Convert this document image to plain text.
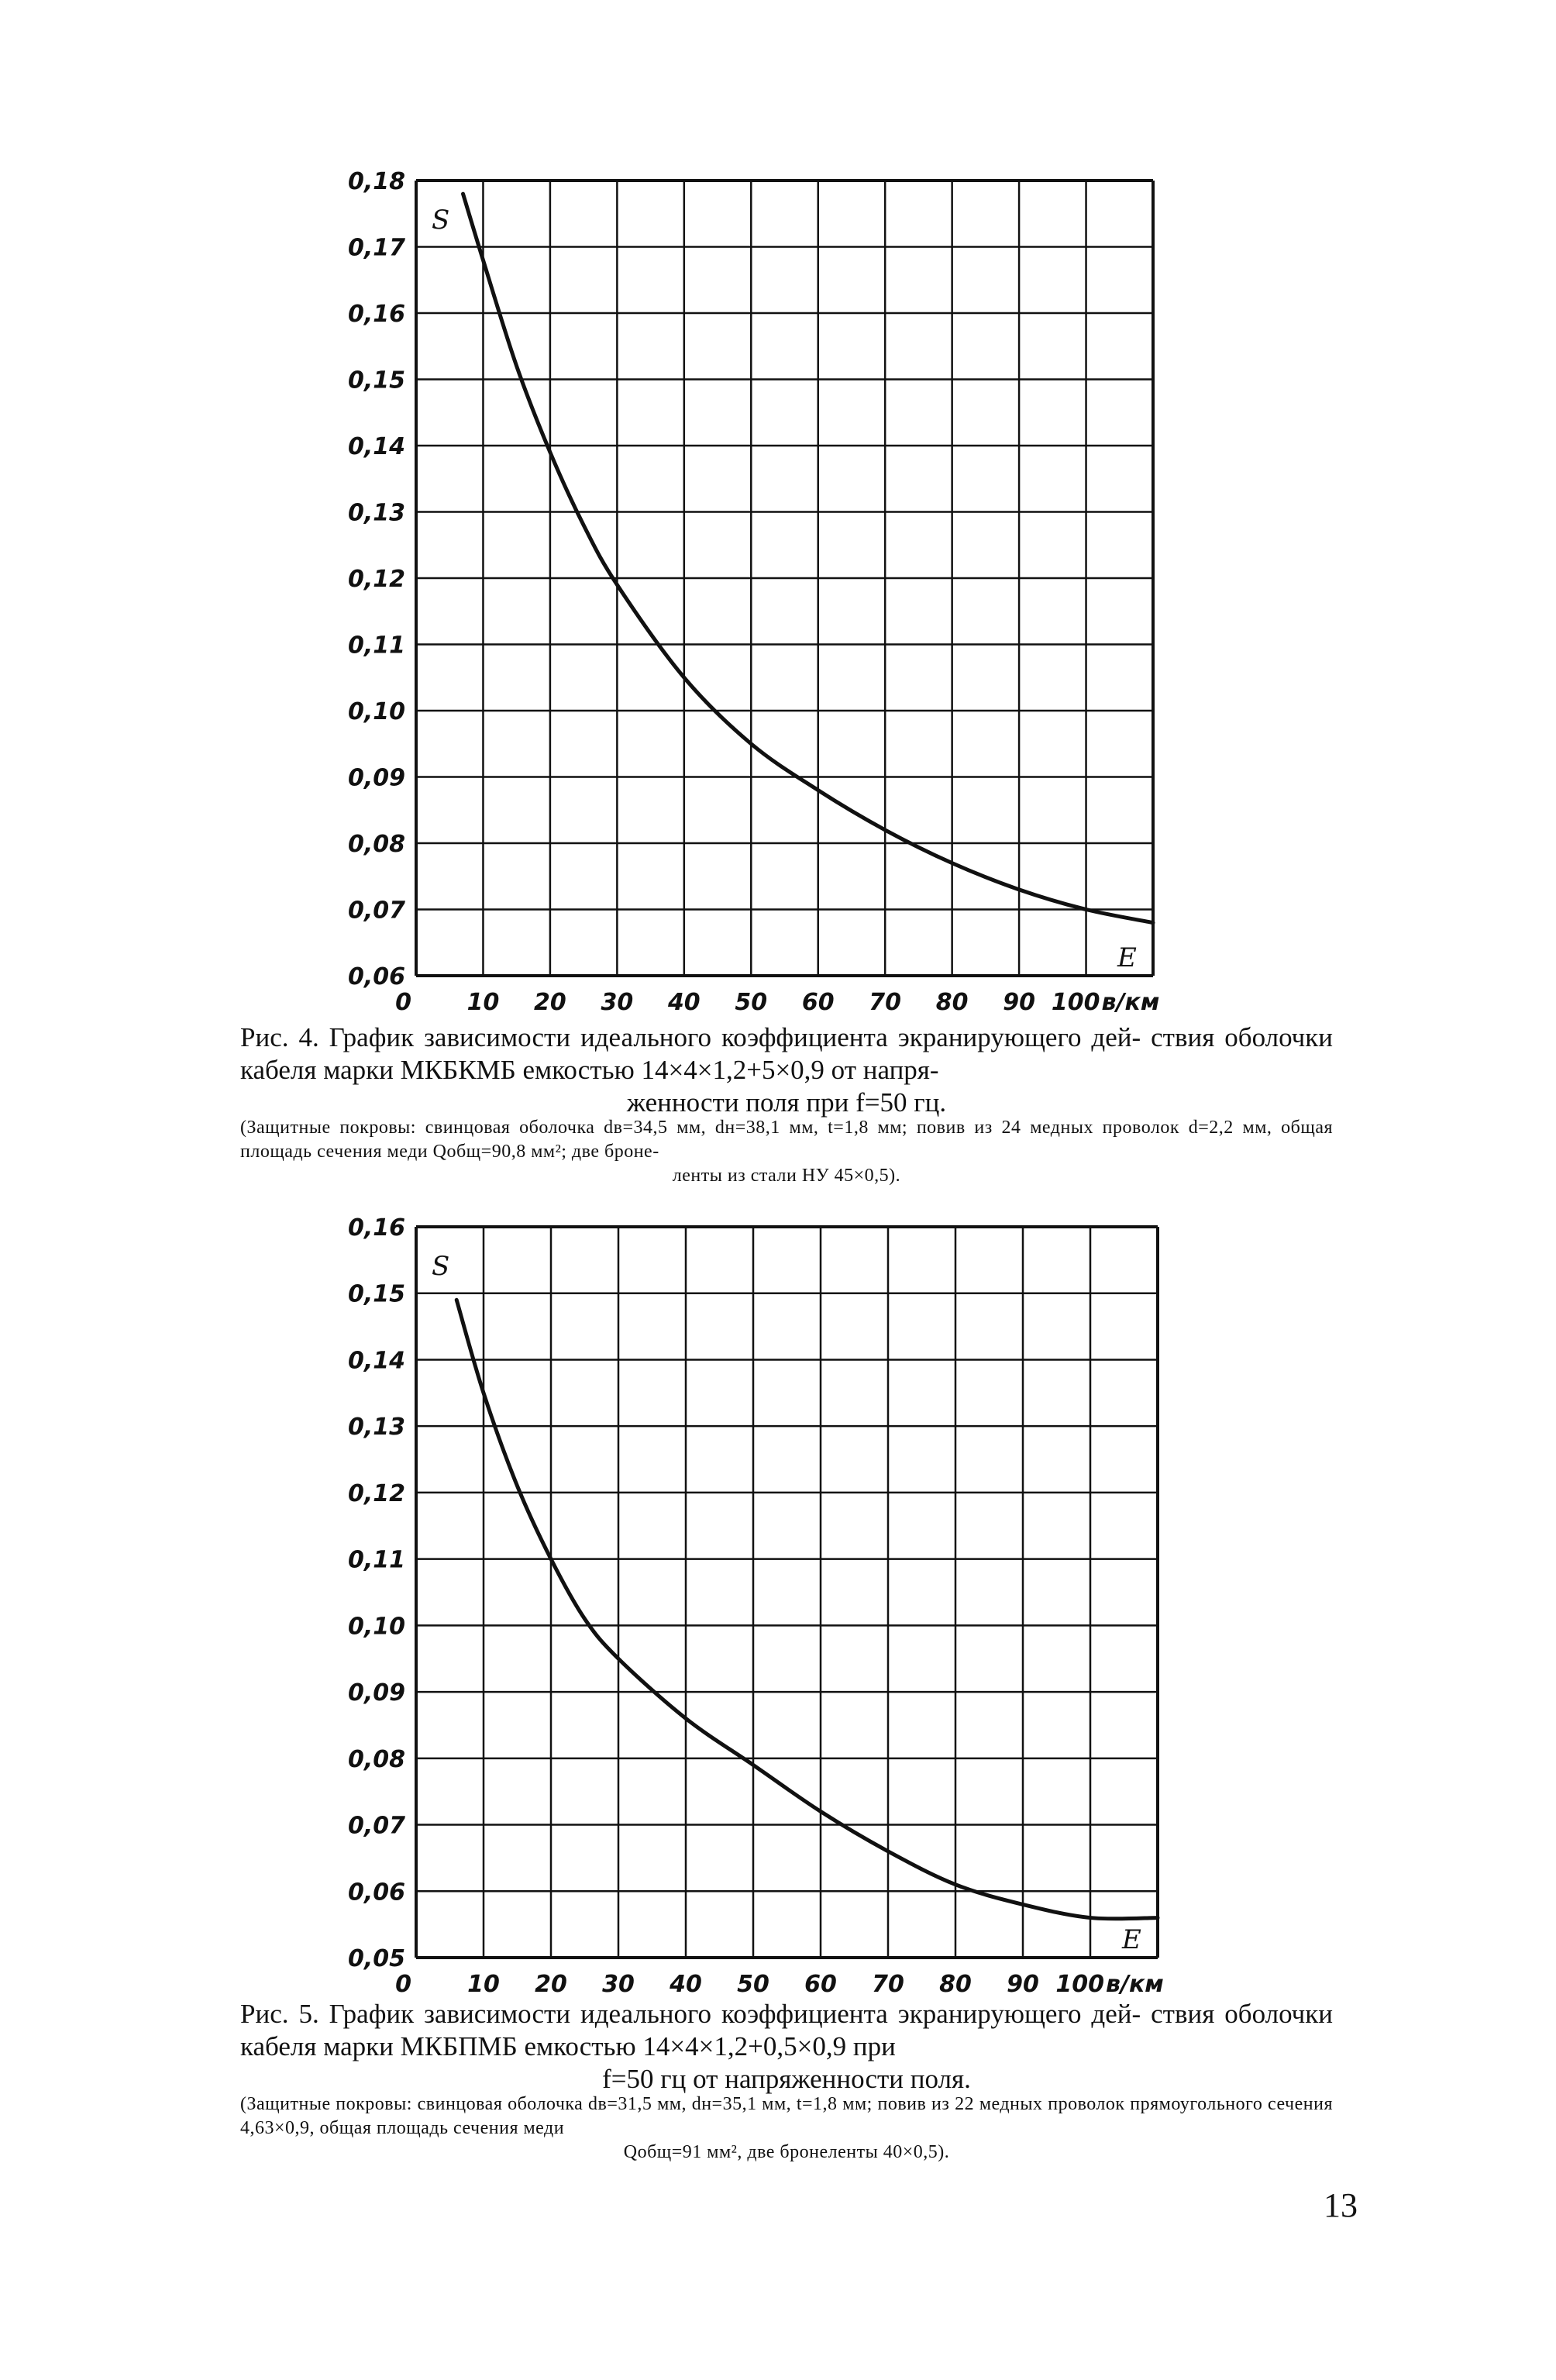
0,06
0,07
0,08
0,09
0,10
0,11
0,12
0,13
0,14
0,15
0,16
0,17
0,18
0 10 20 30 40 50 60 70 80 90 100 в/км
S
E
Рис. 4. График зависимости идеального коэффициента экранирующего дей- ствия оболочки кабеля марки МКБКМБ емкостью 14×4×1,2+5×0,9 от напря-
женности поля при f=50 гц.
(Защитные покровы: свинцовая оболочка dв=34,5 мм, dн=38,1 мм, t=1,8 мм; повив из 24 медных проволок d=2,2 мм, общая площадь сечения меди Qобщ=90,8 мм²; две броне-
ленты из стали НУ 45×0,5).
0,05
0,06
0,07
0,08
0,09
0,10
0,11
0,12
0,13
0,14
0,15
0,16
0 10 20 30 40 50 60 70 80 90 100 в/км
S
E
Рис. 5. График зависимости идеального коэффициента экранирующего дей- ствия оболочки кабеля марки МКБПМБ емкостью 14×4×1,2+0,5×0,9 при
f=50 гц от напряженности поля.
(Защитные покровы: свинцовая оболочка dв=31,5 мм, dн=35,1 мм, t=1,8 мм; повив из 22 медных проволок прямоугольного сечения 4,63×0,9, общая площадь сечения меди
Qобщ=91 мм², две бронеленты 40×0,5).
13
